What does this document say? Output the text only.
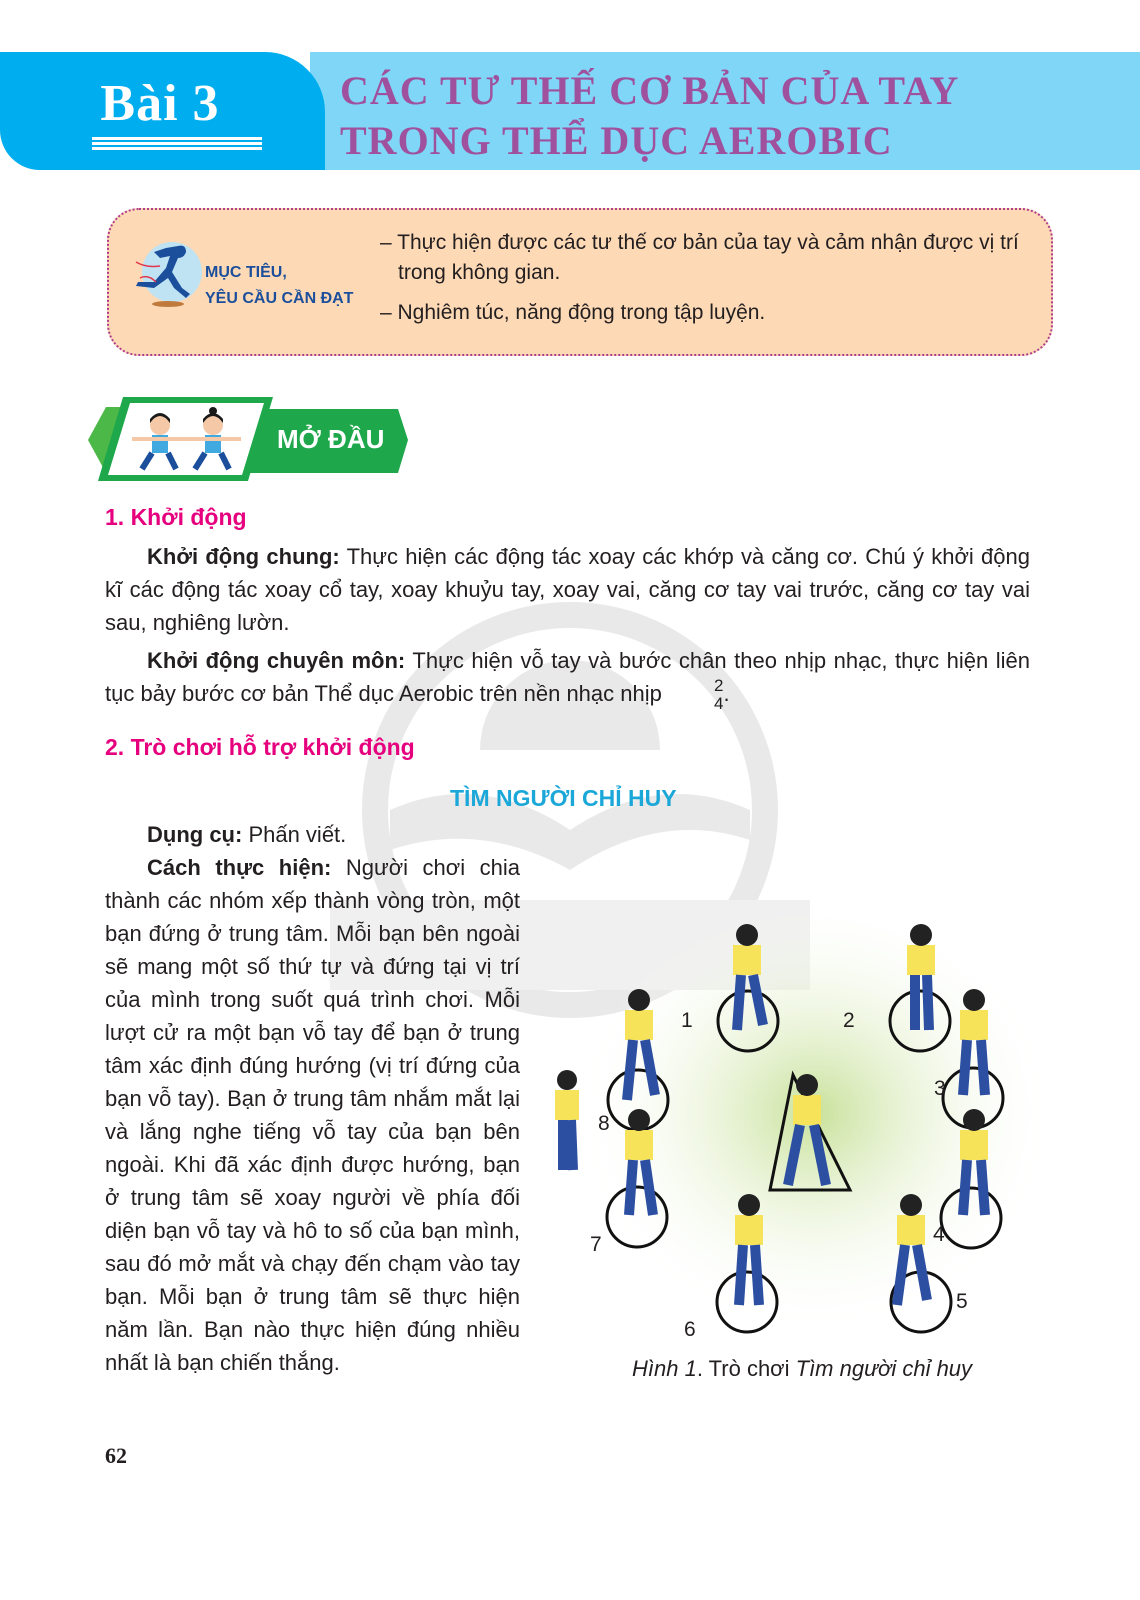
Bài 3	CÁC TƯ THẾ CƠ BẢN CỦA TAY
TRONG THỂ DỤC AEROBIC
MỤC TIÊU,
YÊU CẦU CẦN ĐẠT

– Thực hiện được các tư thế cơ bản của tay và cảm nhận được vị trí trong không gian.

– Nghiêm túc, năng động trong tập luyện.

MỞ ĐẦU
1. Khởi động
Khởi động chung: Thực hiện các động tác xoay các khớp và căng cơ. Chú ý khởi động kĩ các động tác xoay cổ tay, xoay khuỷu tay, xoay vai, căng cơ tay vai trước, căng cơ tay vai sau, nghiêng lườn.
Khởi động chuyên môn: Thực hiện vỗ tay và bước chân theo nhịp nhạc, thực hiện liên tục bảy bước cơ bản Thể dục Aerobic trên nền nhạc nhịp	2
4 .
2. Trò chơi hỗ trợ khởi động
TÌM NGƯỜI CHỈ HUY
Dụng cụ: Phấn viết.
Cách thực hiện: Người chơi chia thành các nhóm xếp thành vòng tròn, một bạn đứng ở trung tâm. Mỗi bạn bên ngoài sẽ mang một số thứ tự và đứng tại vị trí của mình trong suốt quá trình chơi. Mỗi lượt cử ra một bạn vỗ tay để bạn ở trung tâm xác định đúng hướng (vị trí đứng của bạn vỗ tay). Bạn ở trung tâm nhắm mắt lại và lắng nghe tiếng vỗ tay của bạn bên ngoài. Khi đã xác định được hướng, bạn ở trung tâm sẽ xoay người về phía đối diện bạn vỗ tay và hô to số của bạn mình, sau đó mở mắt và chạy đến chạm vào tay bạn. Mỗi bạn ở trung tâm sẽ thực hiện năm lần. Bạn nào thực hiện đúng nhiều nhất là bạn chiến thắng.
1	2
3
4
5
6
7
8
Hình 1. Trò chơi Tìm người chỉ huy
62
